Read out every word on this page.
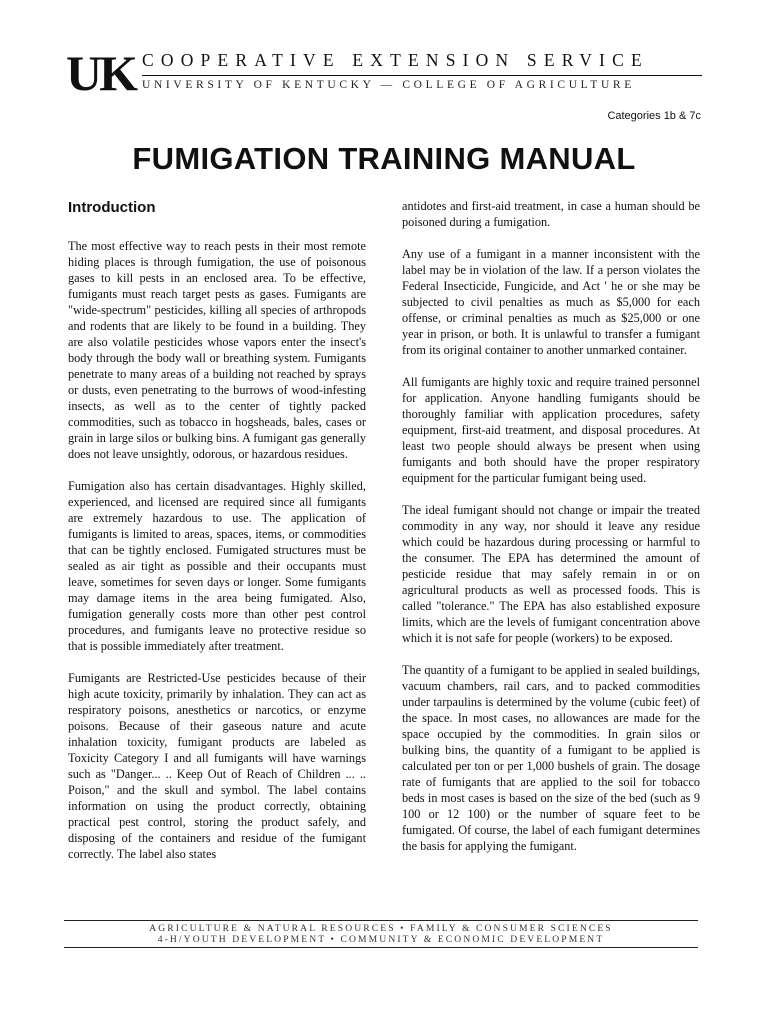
UK COOPERATIVE EXTENSION SERVICE
UNIVERSITY OF KENTUCKY — COLLEGE OF AGRICULTURE
Categories 1b & 7c
FUMIGATION TRAINING MANUAL
Introduction

The most effective way to reach pests in their most remote hiding places is through fumigation, the use of poisonous gases to kill pests in an enclosed area. To be effective, fumigants must reach target pests as gases. Fumigants are "wide-spectrum" pesticides, killing all species of arthropods and rodents that are likely to be found in a building. They are also volatile pesticides whose vapors enter the insect's body through the body wall or breathing system. Fumigants penetrate to many areas of a building not reached by sprays or dusts, even penetrating to the burrows of wood-infesting insects, as well as to the center of tightly packed commodities, such as tobacco in hogsheads, bales, cases or grain in large silos or bulking bins. A fumigant gas generally does not leave unsightly, odorous, or hazardous residues.

Fumigation also has certain disadvantages. Highly skilled, experienced, and licensed are required since all fumigants are extremely hazardous to use. The application of fumigants is limited to areas, spaces, items, or commodities that can be tightly enclosed. Fumigated structures must be sealed as air tight as possible and their occupants must leave, sometimes for seven days or longer. Some fumigants may damage items in the area being fumigated. Also, fumigation generally costs more than other pest control procedures, and fumigants leave no protective residue so that is possible immediately after treatment.

Fumigants are Restricted-Use pesticides because of their high acute toxicity, primarily by inhalation. They can act as respiratory poisons, anesthetics or narcotics, or enzyme poisons. Because of their gaseous nature and acute inhalation toxicity, fumigant products are labeled as Toxicity Category I and all fumigants will have warnings such as "Danger... .. Keep Out of Reach of Children ... .. Poison," and the skull and symbol. The label contains information on using the product correctly, obtaining practical pest control, storing the product safely, and disposing of the containers and residue of the fumigant correctly. The label also states

antidotes and first-aid treatment, in case a human should be poisoned during a fumigation.

Any use of a fumigant in a manner inconsistent with the label may be in violation of the law. If a person violates the Federal Insecticide, Fungicide, and Act ' he or she may be subjected to civil penalties as much as $5,000 for each offense, or criminal penalties as much as $25,000 or one year in prison, or both. It is unlawful to transfer a fumigant from its original container to another unmarked container.

All fumigants are highly toxic and require trained personnel for application. Anyone handling fumigants should be thoroughly familiar with application procedures, safety equipment, first-aid treatment, and disposal procedures. At least two people should always be present when using fumigants and both should have the proper respiratory equipment for the particular fumigant being used.

The ideal fumigant should not change or impair the treated commodity in any way, nor should it leave any residue which could be hazardous during processing or harmful to the consumer. The EPA has determined the amount of pesticide residue that may safely remain in or on agricultural products as well as processed foods. This is called "tolerance." The EPA has also established exposure limits, which are the levels of fumigant concentration above which it is not safe for people (workers) to be exposed.

The quantity of a fumigant to be applied in sealed buildings, vacuum chambers, rail cars, and to packed commodities under tarpaulins is determined by the volume (cubic feet) of the space. In most cases, no allowances are made for the space occupied by the commodities. In grain silos or bulking bins, the quantity of a fumigant to be applied is calculated per ton or per 1,000 bushels of grain. The dosage rate of fumigants that are applied to the soil for tobacco beds in most cases is based on the size of the bed (such as 9 100 or 12 100) or the number of square feet to be fumigated. Of course, the label of each fumigant determines the basis for applying the fumigant.

AGRICULTURE & NATURAL RESOURCES • FAMILY & CONSUMER SCIENCES
4-H/YOUTH DEVELOPMENT • COMMUNITY & ECONOMIC DEVELOPMENT
